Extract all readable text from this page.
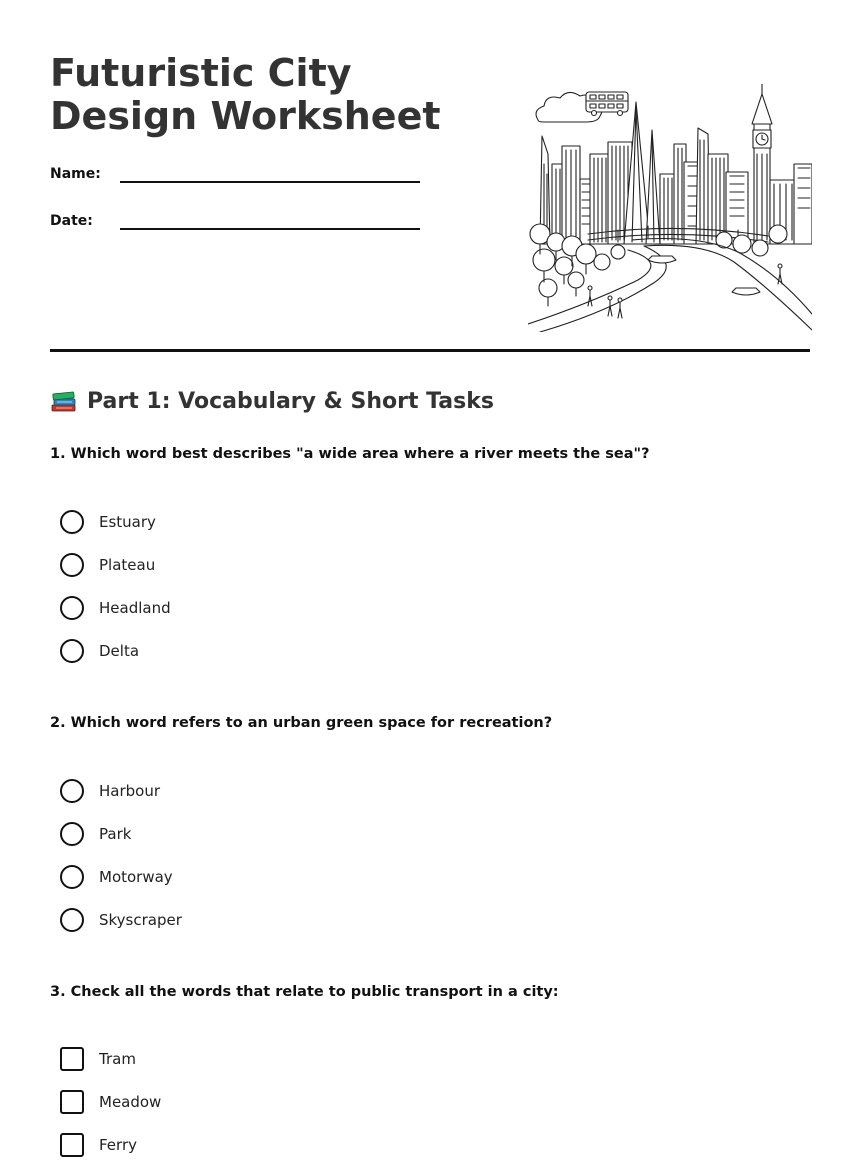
Futuristic City Design Worksheet
Name:
Date:
Part 1: Vocabulary & Short Tasks
1. Which word best describes "a wide area where a river meets the sea"?
Estuary
Plateau
Headland
Delta
2. Which word refers to an urban green space for recreation?
Harbour
Park
Motorway
Skyscraper
3. Check all the words that relate to public transport in a city:
Tram
Meadow
Ferry
